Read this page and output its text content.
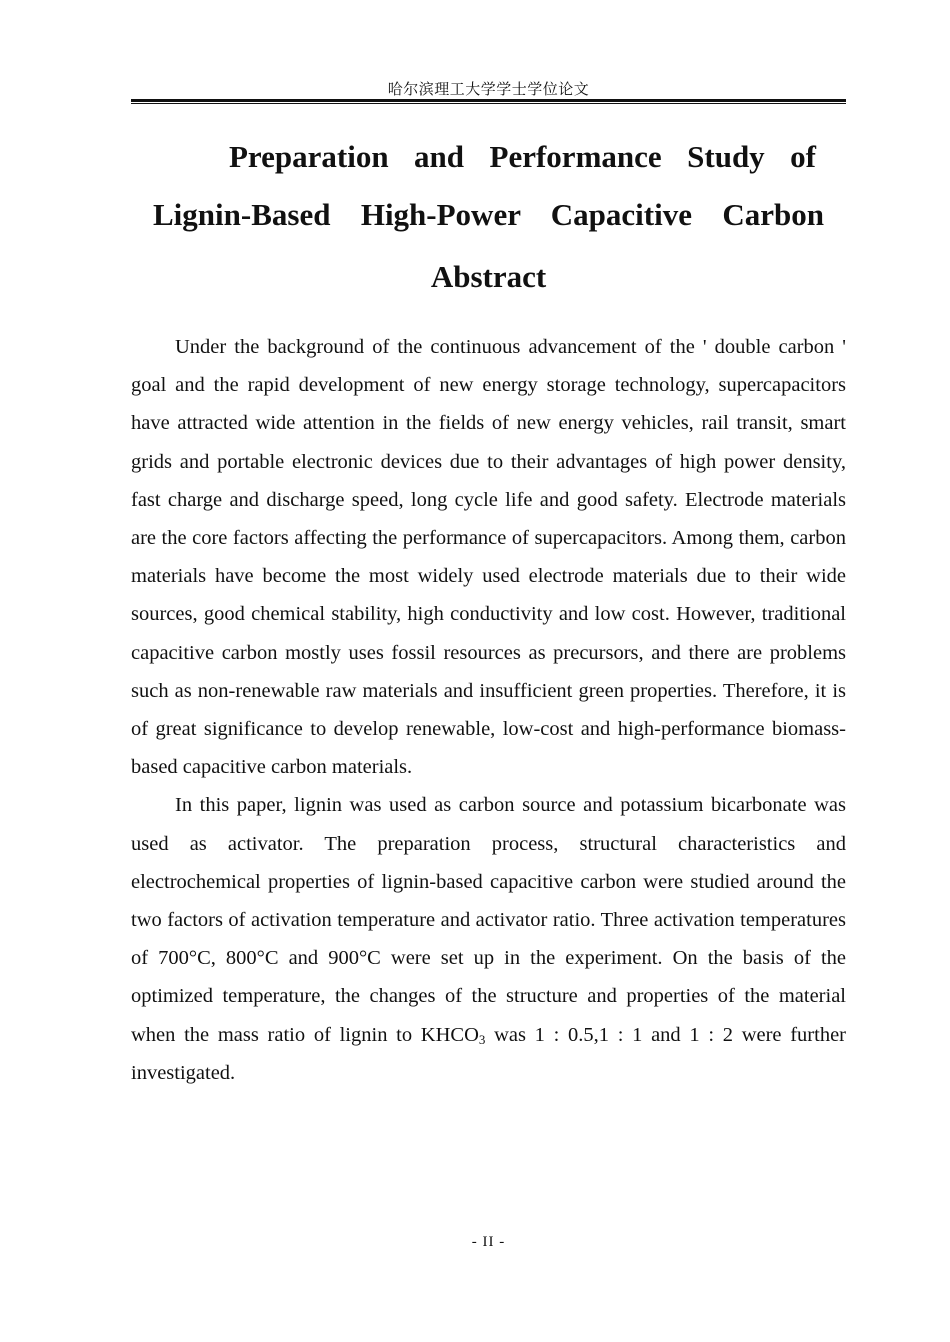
哈尔滨理工大学学士学位论文
Preparation and Performance Study of
Lignin-Based High-Power Capacitive Carbon
Abstract

Under the background of the continuous advancement of the ' double carbon ' goal and the rapid development of new energy storage technology, supercapacitors have attracted wide attention in the fields of new energy vehicles, rail transit, smart grids and portable electronic devices due to their advantages of high power density, fast charge and discharge speed, long cycle life and good safety. Electrode materials are the core factors affecting the performance of supercapacitors. Among them, carbon materials have become the most widely used electrode materials due to their wide sources, good chemical stability, high conductivity and low cost. However, traditional capacitive carbon mostly uses fossil resources as precursors, and there are problems such as non-renewable raw materials and insufficient green properties. Therefore, it is of great significance to develop renewable, low-cost and high-performance biomass-based capacitive carbon materials.

In this paper, lignin was used as carbon source and potassium bicarbonate was used as activator. The preparation process, structural characteristics and electrochemical properties of lignin-based capacitive carbon were studied around the two factors of activation temperature and activator ratio. Three activation temperatures of 700°C, 800°C and 900°C were set up in the experiment. On the basis of the optimized temperature, the changes of the structure and properties of the material when the mass ratio of lignin to $KHCO_3$ was 1 : 0.5,1 : 1 and 1 : 2 were further investigated.

- II -
